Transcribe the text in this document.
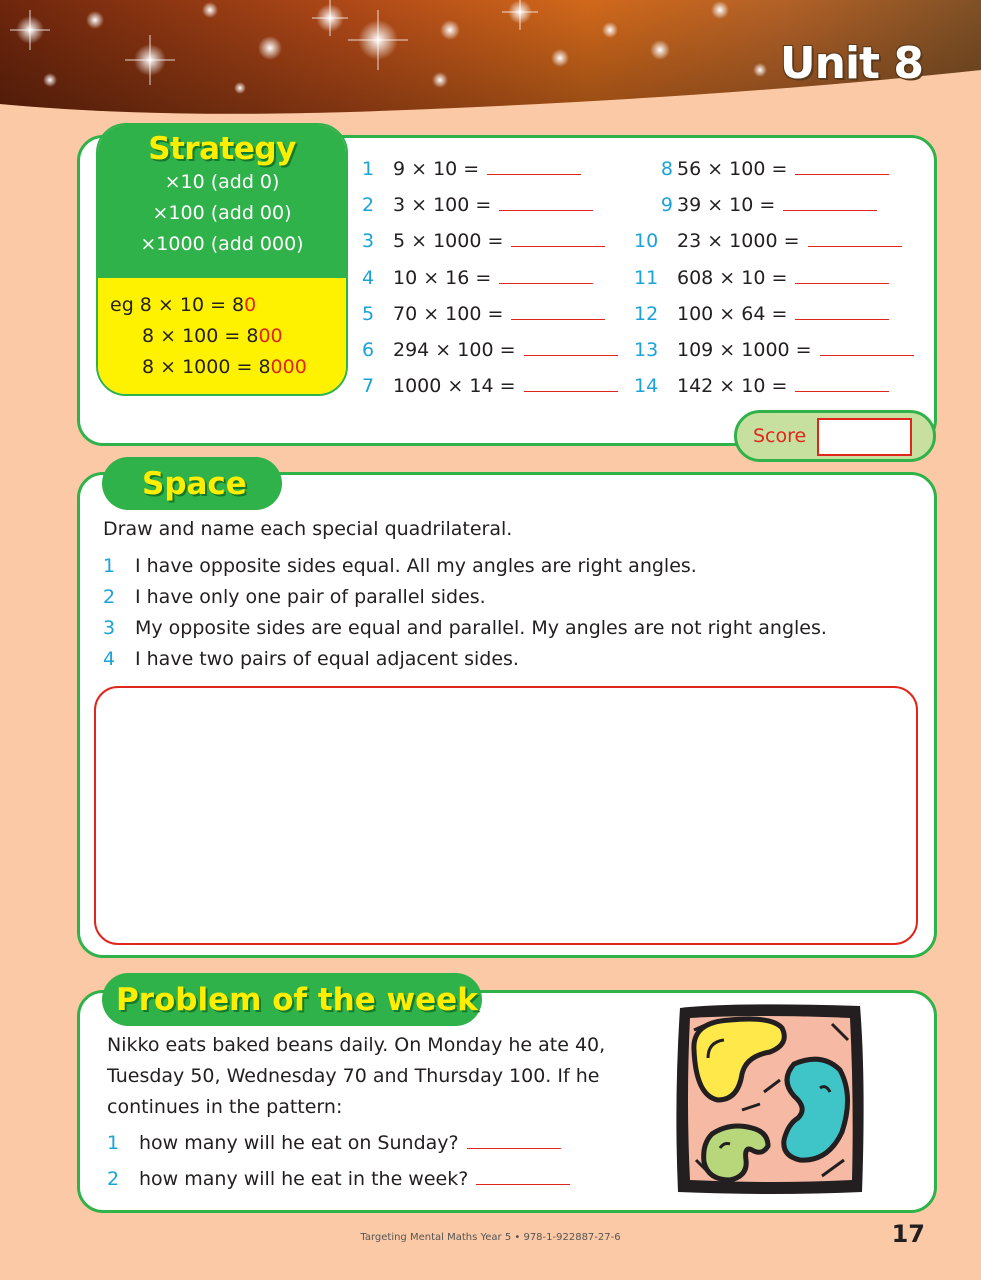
Unit 8
Strategy
×10 (add 0)
×100 (add 00)
×1000 (add 000)
eg 8 × 10 = 80
8 × 100 = 800
8 × 1000 = 8000
1 9 × 10 =
2 3 × 100 =
3 5 × 1000 =
4 10 × 16 =
5 70 × 100 =
6 294 × 100 =
7 1000 × 14 =
8 56 × 100 =
9 39 × 10 =
10 23 × 1000 =
11 608 × 10 =
12 100 × 64 =
13 109 × 1000 =
14 142 × 10 =
Score
Space
Draw and name each special quadrilateral.
1 I have opposite sides equal. All my angles are right angles.
2 I have only one pair of parallel sides.
3 My opposite sides are equal and parallel. My angles are not right angles.
4 I have two pairs of equal adjacent sides.
Problem of the week
Nikko eats baked beans daily. On Monday he ate 40,
Tuesday 50, Wednesday 70 and Thursday 100. If he
continues in the pattern:
1 how many will he eat on Sunday?
2 how many will he eat in the week?
Targeting Mental Maths Year 5 • 978-1-922887-27-6	17
